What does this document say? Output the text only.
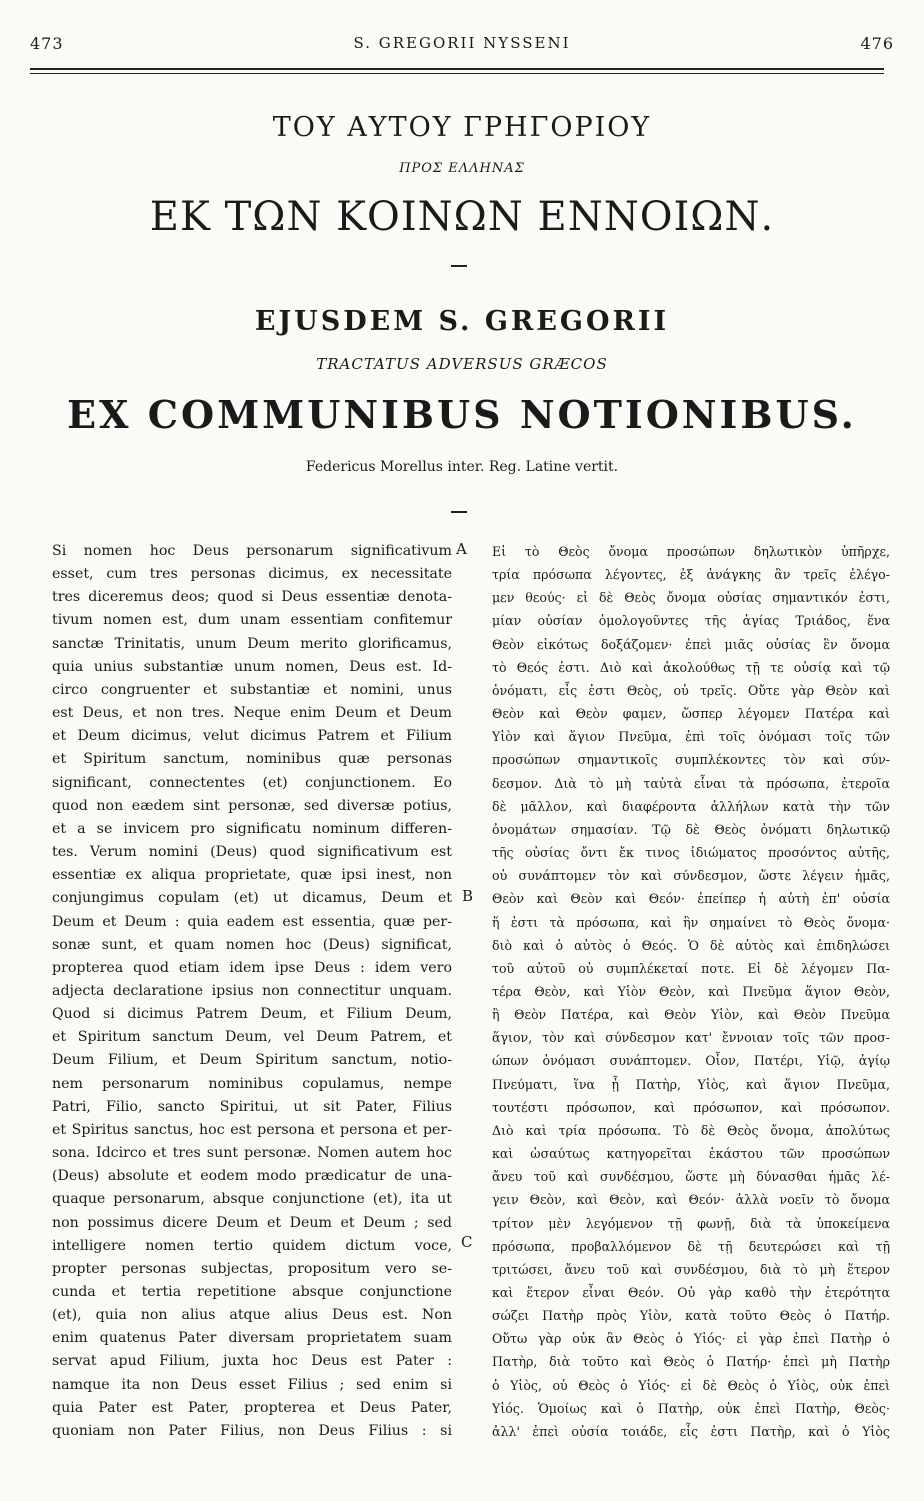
473	S. GREGORII NYSSENI	476
ΤΟΥ ΑΥΤΟΥ ΓΡΗΓΟΡΙΟΥ
ΠΡΟΣ ΕΛΛΗΝΑΣ
ΕΚ ΤΩΝ ΚΟΙΝΩΝ ΕΝΝΟΙΩΝ.
EJUSDEM S. GREGORII
TRACTATUS ADVERSUS GRÆCOS
EX COMMUNIBUS NOTIONIBUS.
Federicus Morellus inter. Reg. Latine vertit.
Si nomen hoc Deus personarum significativum
esset, cum tres personas dicimus, ex necessitate
tres diceremus deos; quod si Deus essentiæ denota-
tivum nomen est, dum unam essentiam confitemur
sanctæ Trinitatis, unum Deum merito glorificamus,
quia unius substantiæ unum nomen, Deus est. Id-
circo congruenter et substantiæ et nomini, unus
est Deus, et non tres. Neque enim Deum et Deum
et Deum dicimus, velut dicimus Patrem et Filium
et Spiritum sanctum, nominibus quæ personas
significant, connectentes (et) conjunctionem. Eo
quod non eædem sint personæ, sed diversæ potius,
et a se invicem pro significatu nominum differen-
tes. Verum nomini (Deus) quod significativum est
essentiæ ex aliqua proprietate, quæ ipsi inest, non
conjungimus copulam (et) ut dicamus, Deum et
Deum et Deum : quia eadem est essentia, quæ per-
sonæ sunt, et quam nomen hoc (Deus) significat,
propterea quod etiam idem ipse Deus : idem vero
adjecta declaratione ipsius non connectitur unquam.
Quod si dicimus Patrem Deum, et Filium Deum,
et Spiritum sanctum Deum, vel Deum Patrem, et
Deum Filium, et Deum Spiritum sanctum, notio-
nem personarum nominibus copulamus, nempe
Patri, Filio, sancto Spiritui, ut sit Pater, Filius
et Spiritus sanctus, hoc est persona et persona et per-
sona. Idcirco et tres sunt personæ. Nomen autem hoc
(Deus) absolute et eodem modo prædicatur de una-
quaque personarum, absque conjunctione (et), ita ut
non possimus dicere Deum et Deum et Deum ; sed
intelligere nomen tertio quidem dictum voce,
propter personas subjectas, propositum vero se-
cunda et tertia repetitione absque conjunctione
(et), quia non alius atque alius Deus est. Non
enim quatenus Pater diversam proprietatem suam
servat apud Filium, juxta hoc Deus est Pater :
namque ita non Deus esset Filius ; sed enim si
quia Pater est Pater, propterea et Deus Pater,
quoniam non Pater Filius, non Deus Filius : si
Εἰ τὸ Θεὸς ὄνομα προσώπων δηλωτικὸν ὑπῆρχε,
τρία πρόσωπα λέγοντες, ἐξ ἀνάγκης ἂν τρεῖς ἐλέγο-
μεν θεούς· εἰ δὲ Θεὸς ὄνομα οὐσίας σημαντικόν ἐστι,
μίαν οὐσίαν ὁμολογοῦντες τῆς ἁγίας Τριάδος, ἕνα
Θεὸν εἰκότως δοξάζομεν· ἐπεὶ μιᾶς οὐσίας ἓν ὄνομα
τὸ Θεός ἐστι. Διὸ καὶ ἀκολούθως τῇ τε οὐσίᾳ καὶ τῷ
ὀνόματι, εἷς ἐστι Θεὸς, οὐ τρεῖς. Οὔτε γὰρ Θεὸν καὶ
Θεὸν καὶ Θεὸν φαμεν, ὥσπερ λέγομεν Πατέρα καὶ
Υἱὸν καὶ ἅγιον Πνεῦμα, ἐπὶ τοῖς ὀνόμασι τοῖς τῶν
προσώπων σημαντικοῖς συμπλέκοντες τὸν καὶ σύν-
δεσμον. Διὰ τὸ μὴ ταὐτὰ εἶναι τὰ πρόσωπα, ἑτεροῖα
δὲ μᾶλλον, καὶ διαφέροντα ἀλλήλων κατὰ τὴν τῶν
ὀνομάτων σημασίαν. Τῷ δὲ Θεὸς ὀνόματι δηλωτικῷ
τῆς οὐσίας ὄντι ἔκ τινος ἰδιώματος προσόντος αὐτῆς,
οὐ συνάπτομεν τὸν καὶ σύνδεσμον, ὥστε λέγειν ἡμᾶς,
Θεὸν καὶ Θεὸν καὶ Θεόν· ἐπείπερ ἡ αὐτὴ ἐπ' οὐσία
ἥ ἐστι τὰ πρόσωπα, καὶ ἣν σημαίνει τὸ Θεὸς ὄνομα·
διὸ καὶ ὁ αὐτὸς ὁ Θεός. Ὁ δὲ αὐτὸς καὶ ἐπιδηλώσει
τοῦ αὐτοῦ οὐ συμπλέκεταί ποτε. Εἰ δὲ λέγομεν Πα-
τέρα Θεὸν, καὶ Υἱὸν Θεὸν, καὶ Πνεῦμα ἅγιον Θεὸν,
ἢ Θεὸν Πατέρα, καὶ Θεὸν Υἱὸν, καὶ Θεὸν Πνεῦμα
ἅγιον, τὸν καὶ σύνδεσμον κατ' ἔννοιαν τοῖς τῶν προσ-
ώπων ὀνόμασι συνάπτομεν. Οἷον, Πατέρι, Υἱῷ, ἁγίῳ
Πνεύματι, ἵνα ᾖ Πατὴρ, Υἱὸς, καὶ ἅγιον Πνεῦμα,
τουτέστι πρόσωπον, καὶ πρόσωπον, καὶ πρόσωπον.
Διὸ καὶ τρία πρόσωπα. Τὸ δὲ Θεὸς ὄνομα, ἀπολύτως
καὶ ὡσαύτως κατηγορεῖται ἑκάστου τῶν προσώπων
ἄνευ τοῦ καὶ συνδέσμου, ὥστε μὴ δύνασθαι ἡμᾶς λέ-
γειν Θεὸν, καὶ Θεὸν, καὶ Θεόν· ἀλλὰ νοεῖν τὸ ὄνομα
τρίτον μὲν λεγόμενον τῇ φωνῇ, διὰ τὰ ὑποκείμενα
πρόσωπα, προβαλλόμενον δὲ τῇ δευτερώσει καὶ τῇ
τριτώσει, ἄνευ τοῦ καὶ συνδέσμου, διὰ τὸ μὴ ἕτερον
καὶ ἕτερον εἶναι Θεόν. Οὐ γὰρ καθὸ τὴν ἑτερότητα
σώζει Πατὴρ πρὸς Υἱὸν, κατὰ τοῦτο Θεὸς ὁ Πατήρ.
Οὕτω γὰρ οὐκ ἂν Θεὸς ὁ Υἱός· εἰ γὰρ ἐπεὶ Πατὴρ ὁ
Πατὴρ, διὰ τοῦτο καὶ Θεὸς ὁ Πατήρ· ἐπεὶ μὴ Πατὴρ
ὁ Υἱὸς, οὐ Θεὸς ὁ Υἱός· εἰ δὲ Θεὸς ὁ Υἱὸς, οὐκ ἐπεὶ
Υἱός. Ὁμοίως καὶ ὁ Πατὴρ, οὐκ ἐπεὶ Πατὴρ, Θεὸς·
ἀλλ' ἐπεὶ οὐσία τοιάδε, εἷς ἐστι Πατὴρ, καὶ ὁ Υἱὸς
A
B
C
